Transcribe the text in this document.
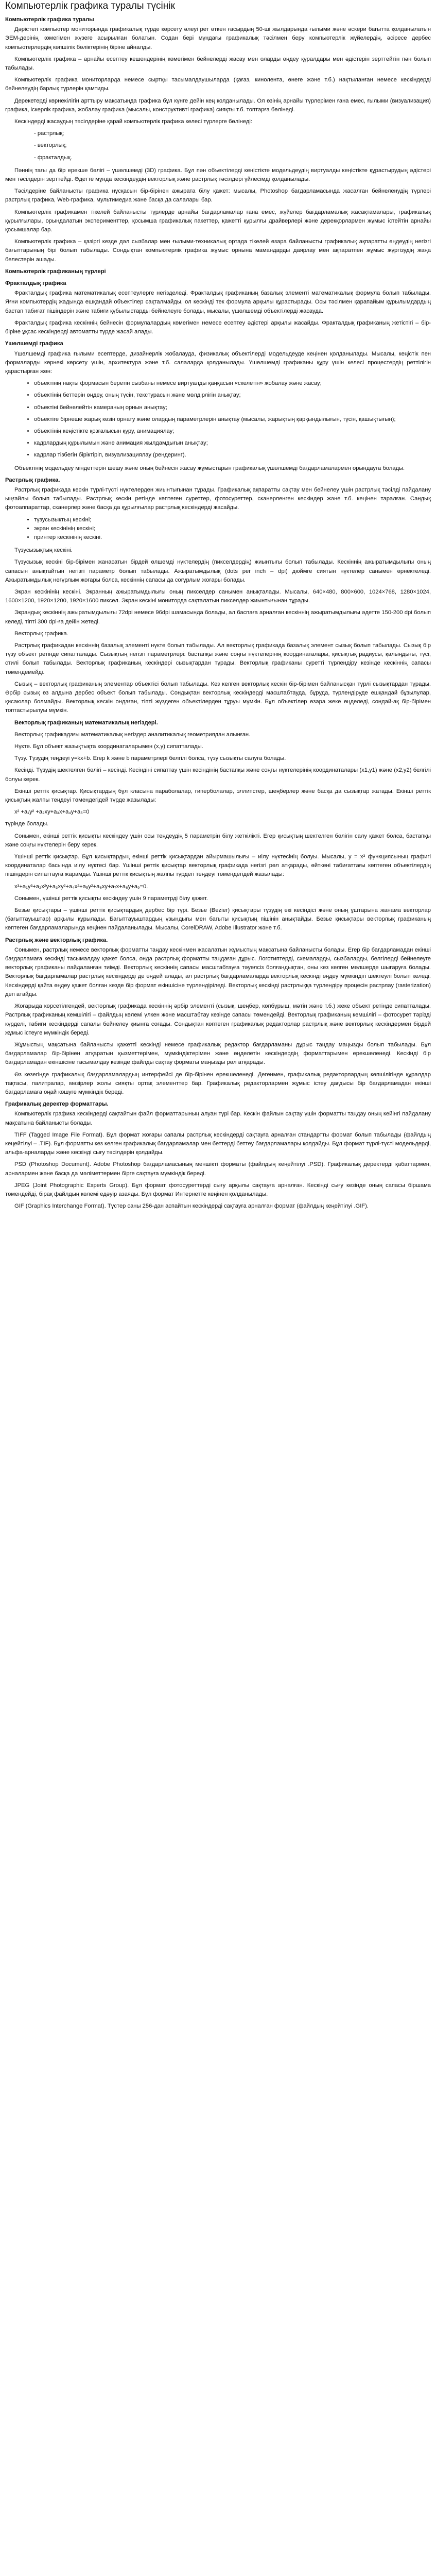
Компьютерлік графика туралы түсінік
Компьютерлік графика туралы

Дәрістегі компьютер мониторында графикалық түрде көрсету әлеуі рет өткен ғасырдың 50-ші жылдарында ғылыми және әскери бағытта қолданылатын ЭЕМ-дерінің көмегімен жүзеге асырылған болатын. Содан бері мұндағы графикалық тәсілмен беру компьютерлік жүйелердің, әсіресе дербес компьютерлердің көпшілік бөліктерінің біріне айналды.

Компьютерлік графика – арнайы есептеу кешендерінің көмегімен бейнелерді жасау мен оларды өңдеу құралдары мен әдістерін зерттейтін пән болып табылады.

Компьютерлік графика мониторларда немесе сыртқы тасымалдаушыларда (қағаз, кинолента, өнеге және т.б.) нақтыланған немесе кескіндерді бейнелеудің барлық түрлерін қамтиды.

Дерекетерді көрнекілігін арттыру мақсатында графика бұл күнге дейін кең қолданылады. Ол өзінің арнайы түрлерімен ғана емес, ғылыми (визуализация) графика, іскерлік графика, жобалау графика (мысалы, конструктивті графика) сияқты т.б. топтарға бөлінеді.

Кескіндерді жасаудың тәсілдеріне қарай компьютерлік графика келесі түрлерге бөлінеді:

- растрлық;
- векторлық;
- фракталдық.

Пәннің тағы да бір ерекше бөлігі – үшөлшемді (3D) графика. Бұл пән объектілерді кеңістікте модельдеудің виртуалды кеңістікте құрастырудың әдістері мен тәсілдерін зерттейді. Әдетте мұнда кескіндеудің векторлық және растрлық тәсілдері үйлесімді қолданылады.

Тәсілдеріне байланысты графика нұсқасын бір-бірінен ажырата білу қажет: мысалы, Photoshop бағдарламасында жасалған бейнеленудің түрлері растрлық графика, Web-графика, мультимедиа және басқа да салалары бар.

Компьютерлік графикамен тікелей байланысты түрлерде арнайы бағдарламалар ғана емес, жүйелер бағдарламалық жасақтамалары, графикалық құрылғылары, орындалатын эксперименттер, қосымша графикалық пакеттер, қажетті құрылғы драйверлері және дерекқорлармен жұмыс істейтін арнайы қосымшалар бар.

Компьютерлік графика – қазіргі кезде дәл сызбалар мен ғылыми-техникалық ортада тікелей өзара байланысты графикалық ақпаратты өңдеудің негізгі бағыттарының бірі болып табылады. Сондықтан компьютерлік графика жұмыс орнына мамандарды даярлау мен ақпаратпен жұмыс жүргізудің жаңа белестерін ашады.

Компьютерлік графиканың түрлері
Фракталдық графика

Фракталдық графика математикалық есептеулерге негізделеді. Фракталдық графиканың базалық элементі математикалық формула болып табылады. Яғни компьютердің жадында ешқандай объектілер сақталмайды, ол кескінді тек формула арқылы құрастырады. Осы тәсілмен қарапайым құрылымдардың бастап табиғат пішіндерін және табиғи құбылыстарды бейнелеуге болады, мысалы, үшөлшемді объектілерді жасауда.

Фракталдық графика кескіннің бейнесін формулалардың көмегімен немесе есептеу әдістері арқылы жасайды. Фракталдық графиканың жетістігі – бір-біріне ұқсас кескіндерді автоматты түрде жасай алады.

Үшөлшемді графика

Үшөлшемді графика ғылыми есептерде, дизайнерлік жобалауда, физикалық объектілерді модельдеуде кеңінен қолданылады. Мысалы, кеңістік пен формаларды көрнекі көрсету үшін, архитектура және т.б. салаларда қолданылады. Үшөлшемді графиканы құру үшін келесі процестердің реттілігін қарастырған жөн:

• объектінің нақты формасын беретін сызбаны немесе виртуалды қаңқасын «скелетін» жобалау және жасау;
• объектінің беттерін өңдеу, оның түсін, текстурасын және мөлдірлігін анықтау;
• объектіні бейнелейтін камераның орнын анықтау;
• объектіге бірнеше жарық көзін орнату және олардың параметрлерін анықтау (мысалы, жарықтың қарқындылығын, түсін, қашықтығын);
• объектінің кеңістікте қозғалысын құру, анимациялау;
• кадрлардың құрылымын және анимация жылдамдығын анықтау;
• кадрлар тізбегін біріктіріп, визуализациялау (рендеринг).

Объектінің модельдеу міндеттерін шешу және оның бейнесін жасау жұмыстарын графикалық үшөлшемді бағдарламалармен орындауға болады.

Растрлық графика.

Растрлық графикада кескін түрлі-түсті нүктелерден жиынтығынан тұрады. Графикалық ақпаратты сақтау мен бейнелеу үшін растрлық тәсілді пайдалану ыңғайлы болып табылады. Растрлық кескін ретінде көптеген суреттер, фотосуреттер, сканерленген кескіндер және т.б. кеңінен таралған. Сандық фотоаппараттар, сканерлер және басқа да құрылғылар растрлық кескіндерді жасайды.

• түзусызықтың кескіні;
• экран кескінінің кескіні;
• принтер кескінінің кескіні.

Түзусызықтың кескіні.

Түзусызық кескіні бір-бірімен жанасатын бірдей өлшемді нүктелердің (пикселдердің) жиынтығы болып табылады. Кескіннің ажыратымдылығы оның сапасын анықтайтын негізгі параметр болып табылады. Ажыратымдылық (dots per inch – dpi) дюймге сиятын нүктелер санымен өрнектеледі. Ажыратымдылық неғұрлым жоғары болса, кескіннің сапасы да соғұрлым жоғары болады.

Экран кескінінің кескіні. Экранның ажыратымдылығы оның пикселдер санымен анықталады. Мысалы, 640×480, 800×600, 1024×768, 1280×1024, 1600×1200, 1920×1200, 1920×1600 пиксел. Экран кескіні мониторда сақталатын пикселдер жиынтығынан тұрады.

Экрандық кескіннің ажыратымдылығы 72dpi немесе 96dpi шамасында болады, ал баспаға арналған кескіннің ажыратымдылығы әдетте 150-200 dpi болып келеді, тіпті 300 dpi-ға дейін жетеді.

Векторлық графика.

Растрлық графикадан кескіннің базалық элементі нүкте болып табылады. Ал векторлық графикада базалық элемент сызық болып табылады. Сызық бір түзу объект ретінде сипатталады. Сызықтың негізгі параметрлері: бастапқы және соңғы нүктелерінің координаталары, қисықтық радиусы, қалыңдығы, түсі, стилі болып табылады. Векторлық графиканың кескіндері сызықтардан тұрады. Векторлық графиканы суретті түрлендіру кезінде кескіннің сапасы төмендемейді.

Сызық – векторлық графиканың элементар объектісі болып табылады. Кез келген векторлық кескін бір-бірімен байланысқан түрлі сызықтардан тұрады. Әрбір сызық өз алдына дербес объект болып табылады. Сондықтан векторлық кескіндерді масштабтауда, бұруда, түрлендіруде ешқандай бұзылулар, қисаюлар болмайды. Векторлық кескін ондаған, тіпті жүздеген объектілерден тұруы мүмкін. Бұл объектілер өзара жеке өңделеді, сондай-ақ бір-бірімен топтастырылуы мүмкін.

Векторлық графиканың математикалық негіздері.

Векторлық графикадағы математикалық негіздер аналитикалық геометриядан алынған.

Нүкте. Бұл объект жазықтықта координаталарымен (x,y) сипатталады.

Түзу. Түзудің теңдеуі y=kx+b. Егер k және b параметрлері белгілі болса, түзу сызықты салуға болады.

Кесінді. Түзудің шектелген бөлігі – кесінді. Кесіндіні сипаттау үшін кесіндінің бастапқы және соңғы нүктелерінің координаталары (x1,y1) және (x2,y2) белгілі болуы керек.

Екінші реттік қисықтар. Қисықтардың бұл класына параболалар, гиперболалар, эллипстер, шеңберлер және басқа да сызықтар жатады. Екінші реттік қисықтың жалпы теңдеуі төмендегідей түрде жазылады:

x² +a₁y² +a₂xy+a₃x+a₄y+a₅=0

түрінде болады.

Сонымен, екінші реттік қисықты кескіндеу үшін осы теңдеудің 5 параметрін білу жеткілікті. Егер қисықтың шектелген бөлігін салу қажет болса, бастапқы және соңғы нүктелерін беру керек.

Үшінші реттік қисықтар. Бұл қисықтардың екінші реттік қисықтардан айырмашылығы – иілу нүктесінің болуы. Мысалы, y = x³ функциясының графигі координаталар басында иілу нүктесі бар. Үшінші реттік қисықтар векторлық графикада негізгі рөл атқарады, өйткені табиғаттағы көптеген объектілердің пішіндерін сипаттауға жарамды. Үшінші реттік қисықтың жалпы түрдегі теңдеуі төмендегідей жазылады:

x³+a₁y³+a₂x²y+a₃xy²+a₄x²+a₅y²+a₆xy+a₇x+a₈y+a₉=0.

Сонымен, үшінші реттік қисықты кескіндеу үшін 9 параметрді білу қажет.

Безье қисықтары – үшінші реттік қисықтардың дербес бір түрі. Безье (Bezier) қисықтары түзудің екі кесіндісі және оның ұштарына жанама векторлар (бағыттауыштар) арқылы құрылады. Бағыттауыштардың ұзындығы мен бағыты қисықтың пішінін анықтайды. Безье қисықтары векторлық графиканың көптеген бағдарламаларында кеңінен пайдаланылады. Мысалы, CorelDRAW, Adobe Illustrator және т.б.

Растрлық және векторлық графика.

Сонымен, растрлық немесе векторлық форматты таңдау кескінмен жасалатын жұмыстың мақсатына байланысты болады. Егер бір бағдарламадан екінші бағдарламаға кескінді тасымалдау қажет болса, онда растрлық форматты таңдаған дұрыс. Логотиптерді, схемаларды, сызбаларды, белгілерді бейнелеуге векторлық графиканы пайдаланған тиімді. Векторлық кескіннің сапасы масштабтауға тәуелсіз болғандықтан, оны кез келген мөлшерде шығаруға болады. Векторлық бағдарламалар растрлық кескіндерді де өңдей алады, ал растрлық бағдарламаларда векторлық кескінді өңдеу мүмкіндігі шектеулі болып келеді. Кескіндерді қайта өңдеу қажет болған кезде бір формат екіншісіне түрлендіріледі. Векторлық кескінді растрлыққа түрлендіру процесін растрлау (rasterization) деп атайды.

Жоғарыда көрсетілгендей, векторлық графикада кескіннің әрбір элементі (сызық, шеңбер, көпбұрыш, мәтін және т.б.) жеке объект ретінде сипатталады. Растрлық графиканың кемшілігі – файлдың көлемі үлкен және масштабтау кезінде сапасы төмендейді. Векторлық графиканың кемшілігі – фотосурет тәрізді күрделі, табиғи кескіндерді сапалы бейнелеу қиынға соғады. Сондықтан көптеген графикалық редакторлар растрлық және векторлық кескіндермен бірдей жұмыс істеуге мүмкіндік береді.

Жұмыстың мақсатына байланысты қажетті кескінді немесе графикалық редактор бағдарламаны дұрыс таңдау маңызды болып табылады. Бұл бағдарламалар бір-бірінен атқаратын қызметтерімен, мүмкіндіктерімен және өңделетін кескіндердің форматтарымен ерекшеленеді. Кескінді бір бағдарламадан екіншісіне тасымалдау кезінде файлды сақтау форматы маңызды рөл атқарады.

Өз кезегінде графикалық бағдарламалардың интерфейсі де бір-бірінен ерекшеленеді. Дегенмен, графикалық редакторлардың көпшілігінде құралдар тақтасы, палитралар, мәзірлер жолы сияқты ортақ элементтер бар. Графикалық редакторлармен жұмыс істеу дағдысы бір бағдарламадан екінші бағдарламаға оңай көшуге мүмкіндік береді.

Графикалық деректер форматтары.

Компьютерлік графика кескіндерді сақтайтын файл форматтарының алуан түрі бар. Кескін файлын сақтау үшін форматты таңдау оның кейінгі пайдалану мақсатына байланысты болады.

TIFF (Tagged Image File Format). Бұл формат жоғары сапалы растрлық кескіндерді сақтауға арналған стандартты формат болып табылады (файлдың кеңейтілуі – .TIF). Бұл форматты кез келген графикалық бағдарламалар мен беттерді беттеу бағдарламалары қолдайды. Бұл формат түрлі-түсті модельдерді, альфа-арналарды және кескінді сығу тәсілдерін қолдайды.

PSD (Photoshop Document). Adobe Photoshop бағдарламасының меншікті форматы (файлдың кеңейтілуі .PSD). Графикалық деректерді қабаттармен, арналармен және басқа да мәліметтермен бірге сақтауға мүмкіндік береді.

JPEG (Joint Photographic Experts Group). Бұл формат фотосуреттерді сығу арқылы сақтауға арналған. Кескінді сығу кезінде оның сапасы біршама төмендейді, бірақ файлдың көлемі едәуір азаяды. Бұл формат Интернетте кеңінен қолданылады.

GIF (Graphics Interchange Format). Түстер саны 256-дан аспайтын кескіндерді сақтауға арналған формат (файлдың кеңейтілуі .GIF).
